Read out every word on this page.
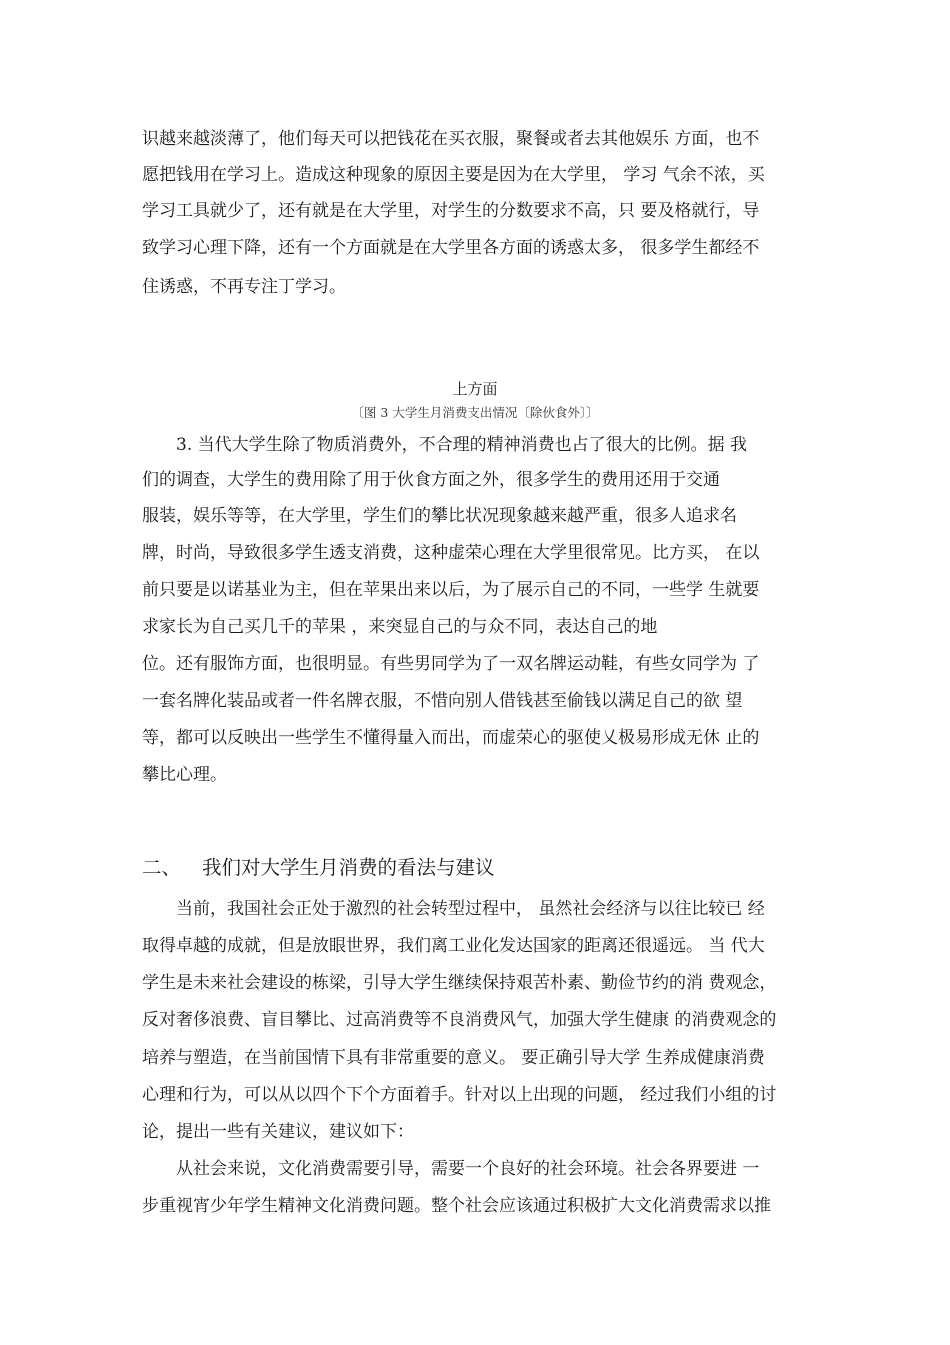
识越来越淡薄了，他们每天可以把钱花在买衣服，聚餐或者去其他娱乐 方面，也不
愿把钱用在学习上。造成这种现象的原因主要是因为在大学里， 学习 气余不浓，买
学习工具就少了，还有就是在大学里，对学生的分数要求不高，只 要及格就行，导
致学习心理下降，还有一个方面就是在大学里各方面的诱惑太多， 很多学生都经不
住诱惑，不再专注丁学习。
上方面
〔图 3 大学生月消费支出情况〔除伙食外〕〕
3. 当代大学生除了物质消费外，不合理的精神消费也占了很大的比例。据 我
们的调查，大学生的费用除了用于伙食方面之外，很多学生的费用还用于交通
服装，娱乐等等，在大学里，学生们的攀比状况现象越来越严重，很多人追求名
牌，时尚，导致很多学生透支消费，这种虚荣心理在大学里很常见。比方买， 在以
前只要是以诺基业为主，但在苹果出来以后，为了展示自己的不同，一些学 生就要
求家长为自己买几千的苹果 ，来突显自己的与众不同，表达自己的地
位。还有服饰方面，也很明显。有些男同学为了一双名牌运动鞋，有些女同学为 了
一套名牌化装品或者一件名牌衣服，不惜向别人借钱甚至偷钱以满足自己的欲 望
等，都可以反映出一些学生不懂得量入而出，而虚荣心的驱使乂极易形成无休 止的
攀比心理。
二、 我们对大学生月消费的看法与建议
当前，我国社会正处于激烈的社会转型过程中， 虽然社会经济与以往比较已 经
取得卓越的成就，但是放眼世界，我们离工业化发达国家的距离还很遥远。 当 代大
学生是未来社会建设的栋梁，引导大学生继续保持艰苦朴素、勤俭节约的消 费观念，
反对奢侈浪费、盲目攀比、过高消费等不良消费风气，加强大学生健康 的消费观念的
培养与塑造，在当前国情下具有非常重要的意义。 要正确引导大学 生养成健康消费
心理和行为，可以从以四个下个方面着手。针对以上出现的问题， 经过我们小组的讨
论，提出一些有关建议，建议如下：
从社会来说，文化消费需要引导，需要一个良好的社会环境。社会各界要进 一
步重视宵少年学生精神文化消费问题。整个社会应该通过积极扩大文化消费需求以推
